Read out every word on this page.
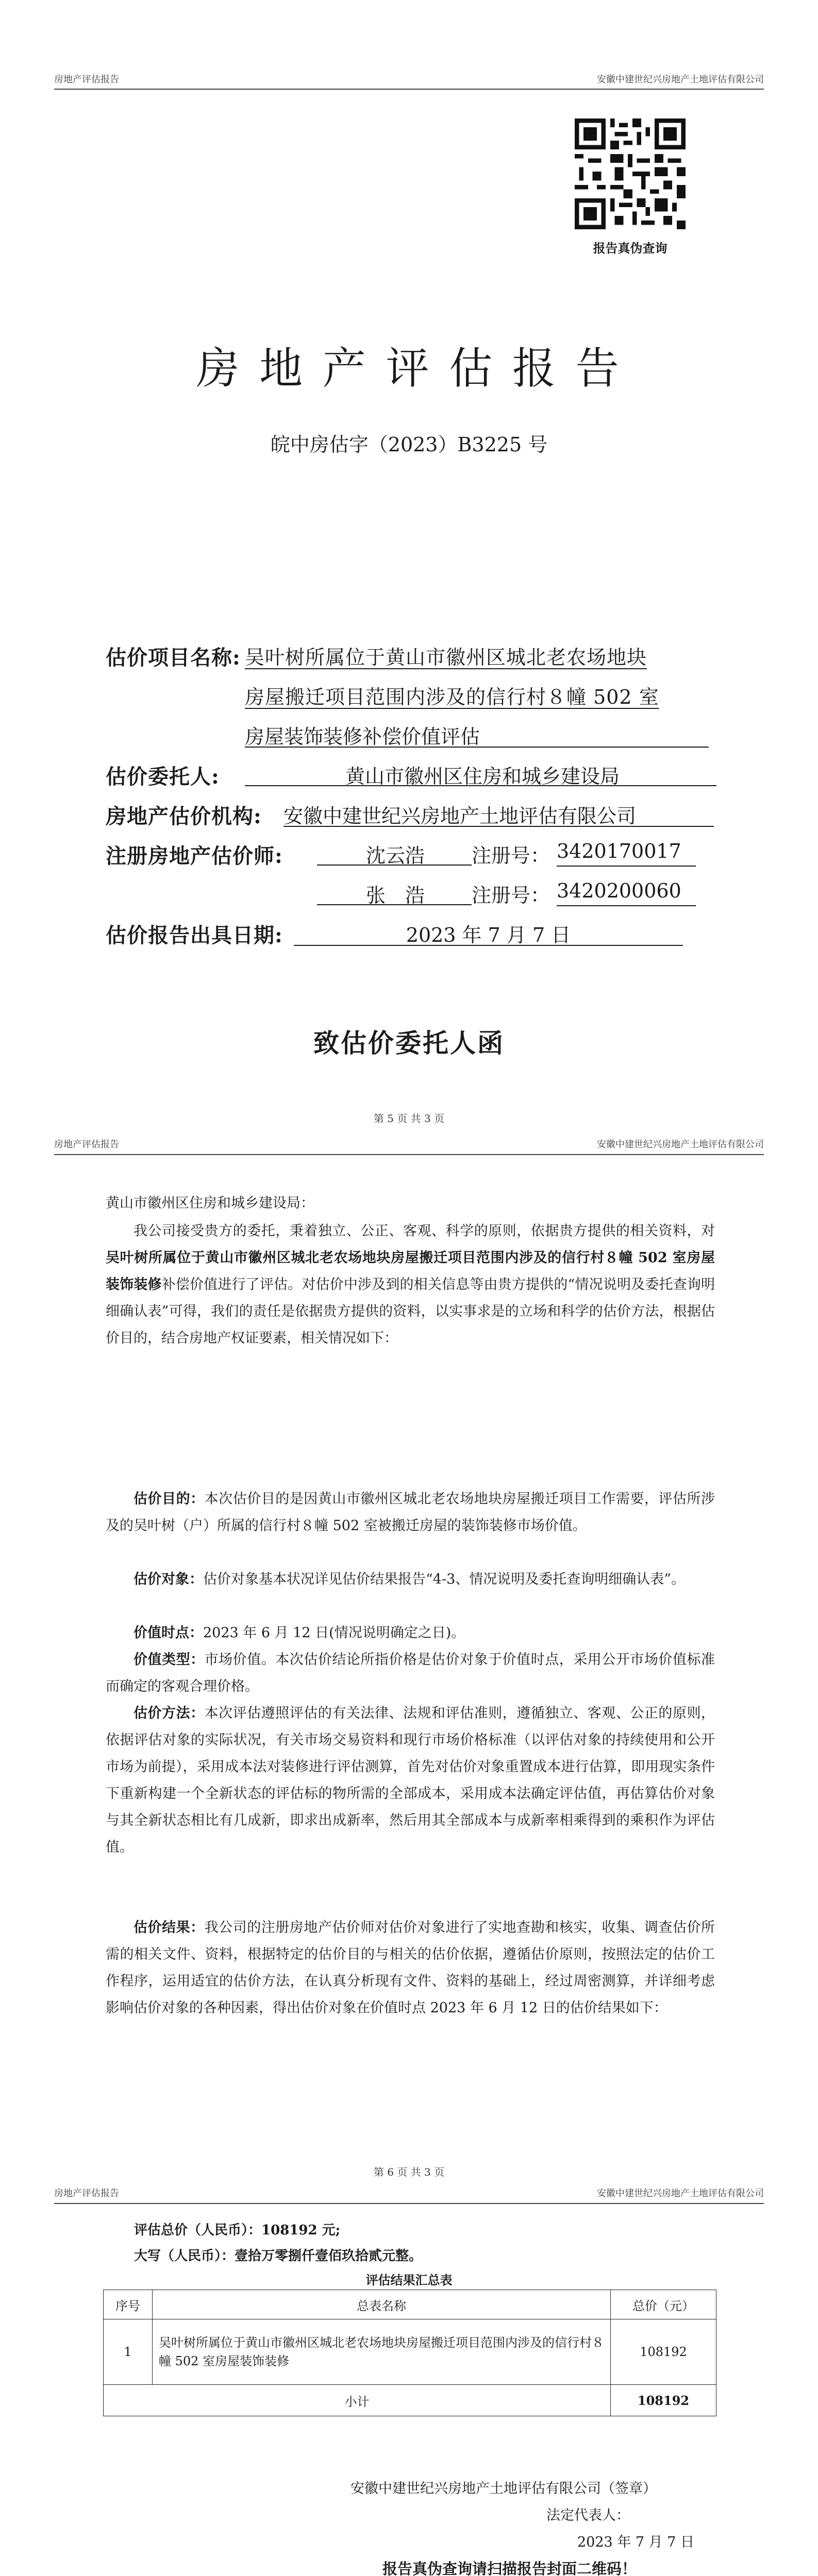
房地产评估报告	安徽中建世纪兴房地产土地评估有限公司
报告真伪查询
房 地 产 评 估 报 告
皖中房估字（2023）B3225 号
估价项目名称: 吴叶树所属位于黄山市徽州区城北老农场地块
房屋搬迁项目范围内涉及的信行村８幢 502 室
房屋装饰装修补偿价值评估
估价委托人:	黄山市徽州区住房和城乡建设局
房地产估价机构: 安徽中建世纪兴房地产土地评估有限公司
注册房地产估价师:	沈云浩	注册号： 3420170017
张　浩	注册号： 3420200060
估价报告出具日期:	2023 年 7 月 7 日
致估价委托人函
第 5 页 共 3 页
房地产评估报告	安徽中建世纪兴房地产土地评估有限公司
黄山市徽州区住房和城乡建设局：
我公司接受贵方的委托，秉着独立、公正、客观、科学的原则，依据贵方提供的相关资料，对吴叶树所属位于黄山市徽州区城北老农场地块房屋搬迁项目范围内涉及的信行村８幢 502 室房屋装饰装修补偿价值进行了评估。对估价中涉及到的相关信息等由贵方提供的“情况说明及委托查询明细确认表”可得，我们的责任是依据贵方提供的资料，以实事求是的立场和科学的估价方法，根据估价目的，结合房地产权证要素，相关情况如下：
估价目的：本次估价目的是因黄山市徽州区城北老农场地块房屋搬迁项目工作需要，评估所涉及的吴叶树（户）所属的信行村８幢 502 室被搬迁房屋的装饰装修市场价值。
估价对象：估价对象基本状况详见估价结果报告“4-3、情况说明及委托查询明细确认表”。
价值时点：2023 年 6 月 12 日(情况说明确定之日)。
价值类型：市场价值。本次估价结论所指价格是估价对象于价值时点，采用公开市场价值标准而确定的客观合理价格。
估价方法：本次评估遵照评估的有关法律、法规和评估准则，遵循独立、客观、公正的原则，依据评估对象的实际状况，有关市场交易资料和现行市场价格标准（以评估对象的持续使用和公开市场为前提），采用成本法对装修进行评估测算，首先对估价对象重置成本进行估算，即用现实条件下重新构建一个全新状态的评估标的物所需的全部成本，采用成本法确定评估值，再估算估价对象与其全新状态相比有几成新，即求出成新率，然后用其全部成本与成新率相乘得到的乘积作为评估值。
估价结果：我公司的注册房地产估价师对估价对象进行了实地查勘和核实，收集、调查估价所需的相关文件、资料，根据特定的估价目的与相关的估价依据，遵循估价原则，按照法定的估价工作程序，运用适宜的估价方法，在认真分析现有文件、资料的基础上，经过周密测算，并详细考虑影响估价对象的各种因素，得出估价对象在价值时点 2023 年 6 月 12 日的估价结果如下：
第 6 页 共 3 页
房地产评估报告	安徽中建世纪兴房地产土地评估有限公司
评估总价（人民币）：108192 元;
大写（人民币）：壹拾万零捌仟壹佰玖拾贰元整。
评估结果汇总表
序号	总表名称	总价（元）
1	吴叶树所属位于黄山市徽州区城北老农场地块房屋搬迁项目范围内涉及的信行村８幢 502 室房屋装饰装修	108192
小计		108192
安徽中建世纪兴房地产土地评估有限公司（签章）
法定代表人：
2023 年 7 月 7 日
报告真伪查询请扫描报告封面二维码！
